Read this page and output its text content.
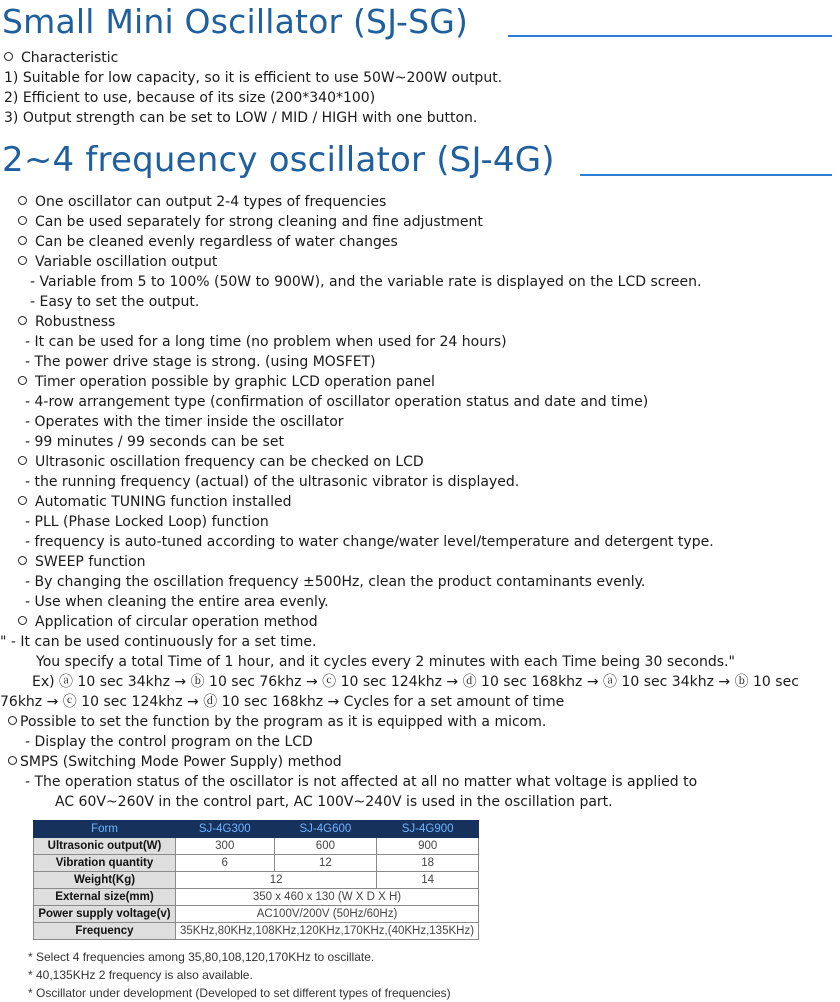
Small Mini Oscillator (SJ-SG)
Characteristic
1) Suitable for low capacity, so it is efficient to use 50W~200W output.
2) Efficient to use, because of its size (200*340*100)
3) Output strength can be set to LOW / MID / HIGH with one button.
2~4 frequency oscillator (SJ-4G)
One oscillator can output 2-4 types of frequencies
Can be used separately for strong cleaning and fine adjustment
Can be cleaned evenly regardless of water changes
Variable oscillation output
- Variable from 5 to 100% (50W to 900W), and the variable rate is displayed on the LCD screen.
- Easy to set the output.
Robustness
- It can be used for a long time (no problem when used for 24 hours)
- The power drive stage is strong. (using MOSFET)
Timer operation possible by graphic LCD operation panel
- 4-row arrangement type (confirmation of oscillator operation status and date and time)
- Operates with the timer inside the oscillator
- 99 minutes / 99 seconds can be set
Ultrasonic oscillation frequency can be checked on LCD
- the running frequency (actual) of the ultrasonic vibrator is displayed.
Automatic TUNING function installed
- PLL (Phase Locked Loop) function
- frequency is auto-tuned according to water change/water level/temperature and detergent type.
SWEEP function
- By changing the oscillation frequency ±500Hz, clean the product contaminants evenly.
- Use when cleaning the entire area evenly.
Application of circular operation method
" - It can be used continuously for a set time.
You specify a total Time of 1 hour, and it cycles every 2 minutes with each Time being 30 seconds."
Ex) ⓐ 10 sec 34khz → ⓑ 10 sec 76khz → ⓒ 10 sec 124khz → ⓓ 10 sec 168khz → ⓐ 10 sec 34khz → ⓑ 10 sec
76khz → ⓒ 10 sec 124khz → ⓓ 10 sec 168khz → Cycles for a set amount of time
Possible to set the function by the program as it is equipped with a micom.
- Display the control program on the LCD
SMPS (Switching Mode Power Supply) method
- The operation status of the oscillator is not affected at all no matter what voltage is applied to
AC 60V~260V in the control part, AC 100V~240V is used in the oscillation part.
Form	SJ-4G300	SJ-4G600	SJ-4G900
Ultrasonic output(W)	300	600	900
Vibration quantity	6	12	18
Weight(Kg)	12		14
External size(mm)	350 x 460 x 130 (W X D X H)		
Power supply voltage(v)	AC100V/200V (50Hz/60Hz)		
Frequency	35KHz,80KHz,108KHz,120KHz,170KHz,(40KHz,135KHz)		
* Select 4 frequencies among 35,80,108,120,170KHz to oscillate.
* 40,135KHz 2 frequency is also available.
* Oscillator under development (Developed to set different types of frequencies)
